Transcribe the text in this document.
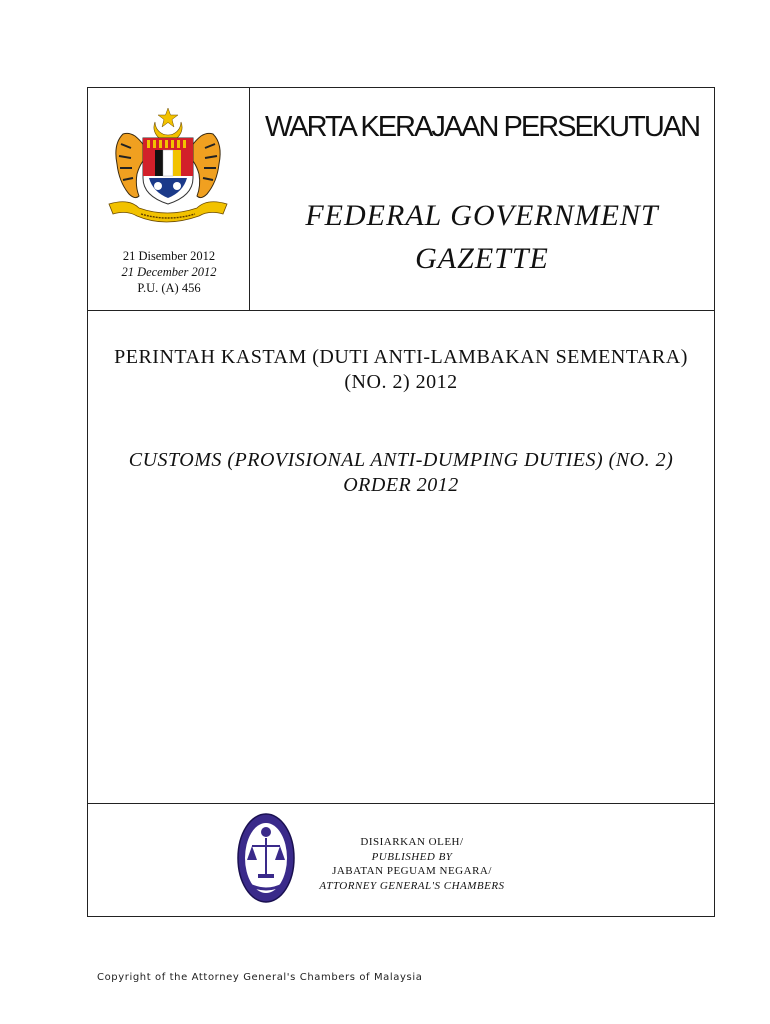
21 Disember 2012
21 December 2012
P.U. (A) 456
WARTA KERAJAAN PERSEKUTUAN
FEDERAL GOVERNMENT
GAZETTE
PERINTAH KASTAM (DUTI ANTI-LAMBAKAN SEMENTARA)
(NO. 2) 2012
CUSTOMS (PROVISIONAL ANTI-DUMPING DUTIES) (NO. 2)
ORDER 2012
DISIARKAN OLEH/
PUBLISHED BY
JABATAN PEGUAM NEGARA/
ATTORNEY GENERAL'S CHAMBERS
Copyright of the Attorney General's Chambers of Malaysia
